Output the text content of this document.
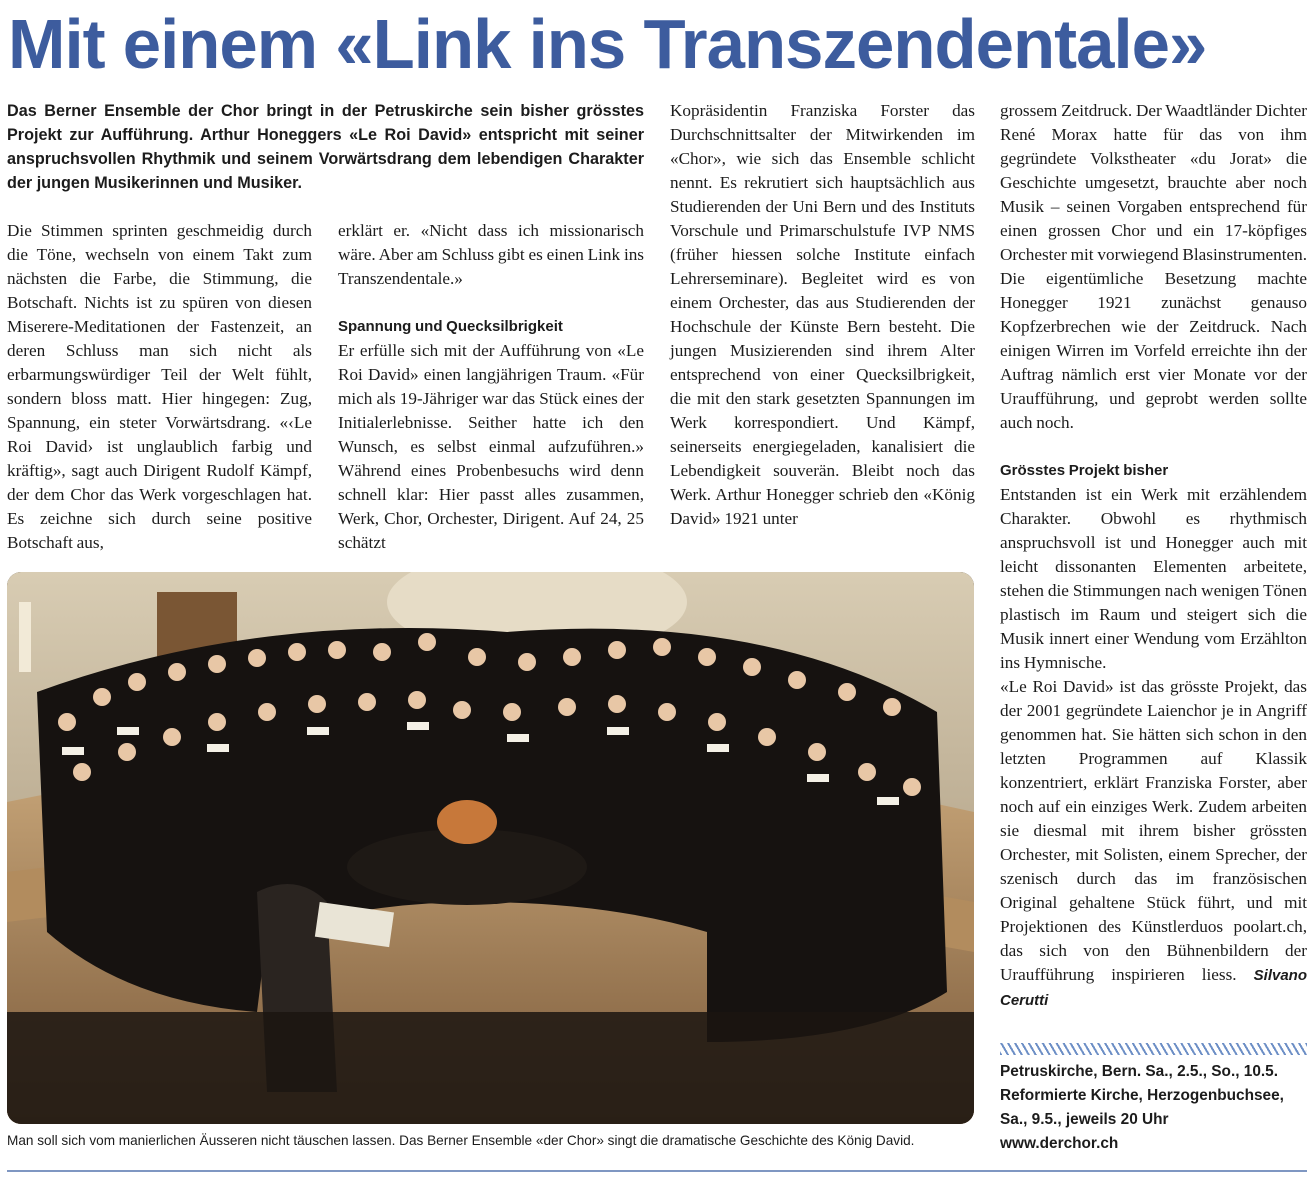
Mit einem «Link ins Transzendentale»

Das Berner Ensemble der Chor bringt in der Petruskirche sein bisher grösstes Projekt zur Aufführung. Arthur Honeggers «Le Roi David» entspricht mit seiner anspruchsvollen Rhythmik und seinem Vorwärtsdrang dem lebendigen Charakter der jungen Musikerinnen und Musiker.

Die Stimmen sprinten geschmeidig durch die Töne, wechseln von einem Takt zum nächsten die Farbe, die Stimmung, die Botschaft. Nichts ist zu spüren von diesen Miserere-Meditationen der Fastenzeit, an deren Schluss man sich nicht als erbarmungswürdiger Teil der Welt fühlt, sondern bloss matt. Hier hingegen: Zug, Spannung, ein steter Vorwärtsdrang. «‹Le Roi David› ist unglaublich farbig und kräftig», sagt auch Dirigent Rudolf Kämpf, der dem Chor das Werk vorgeschlagen hat. Es zeichne sich durch seine positive Botschaft aus,

erklärt er. «Nicht dass ich missionarisch wäre. Aber am Schluss gibt es einen Link ins Transzendentale.»

Spannung und Quecksilbrigkeit

Er erfülle sich mit der Aufführung von «Le Roi David» einen langjährigen Traum. «Für mich als 19-Jähriger war das Stück eines der Initialerlebnisse. Seither hatte ich den Wunsch, es selbst einmal aufzuführen.» Während eines Probenbesuchs wird denn schnell klar: Hier passt alles zusammen, Werk, Chor, Orchester, Dirigent. Auf 24, 25 schätzt

Kopräsidentin Franziska Forster das Durchschnittsalter der Mitwirkenden im «Chor», wie sich das Ensemble schlicht nennt. Es rekrutiert sich hauptsächlich aus Studierenden der Uni Bern und des Instituts Vorschule und Primarschulstufe IVP NMS (früher hiessen solche Institute einfach Lehrerseminare). Begleitet wird es von einem Orchester, das aus Studierenden der Hochschule der Künste Bern besteht. Die jungen Musizierenden sind ihrem Alter entsprechend von einer Quecksilbrigkeit, die mit den stark gesetzten Spannungen im Werk korrespondiert. Und Kämpf, seinerseits energiegeladen, kanalisiert die Lebendigkeit souverän. Bleibt noch das Werk. Arthur Honegger schrieb den «König David» 1921 unter

grossem Zeitdruck. Der Waadtländer Dichter René Morax hatte für das von ihm gegründete Volkstheater «du Jorat» die Geschichte umgesetzt, brauchte aber noch Musik – seinen Vorgaben entsprechend für einen grossen Chor und ein 17-köpfiges Orchester mit vorwiegend Blasinstrumenten. Die eigentümliche Besetzung machte Honegger 1921 zunächst genauso Kopfzerbrechen wie der Zeitdruck. Nach einigen Wirren im Vorfeld erreichte ihn der Auftrag nämlich erst vier Monate vor der Uraufführung, und geprobt werden sollte auch noch.

Grösstes Projekt bisher

Entstanden ist ein Werk mit erzählendem Charakter. Obwohl es rhythmisch anspruchsvoll ist und Honegger auch mit leicht dissonanten Elementen arbeitete, stehen die Stimmungen nach wenigen Tönen plastisch im Raum und steigert sich die Musik innert einer Wendung vom Erzählton ins Hymnische.

«Le Roi David» ist das grösste Projekt, das der 2001 gegründete Laienchor je in Angriff genommen hat. Sie hätten sich schon in den letzten Programmen auf Klassik konzentriert, erklärt Franziska Forster, aber noch auf ein einziges Werk. Zudem arbeiten sie diesmal mit ihrem bisher grössten Orchester, mit Solisten, einem Sprecher, der szenisch durch das im französischen Original gehaltene Stück führt, und mit Projektionen des Künstlerduos poolart.ch, das sich von den Bühnenbildern der Uraufführung inspirieren liess. Silvano Cerutti

Man soll sich vom manierlichen Äusseren nicht täuschen lassen. Das Berner Ensemble «der Chor» singt die dramatische Geschichte des König David.
Petruskirche, Bern. Sa., 2.5., So., 10.5.
Reformierte Kirche, Herzogenbuchsee,
Sa., 9.5., jeweils 20 Uhr
www.derchor.ch
